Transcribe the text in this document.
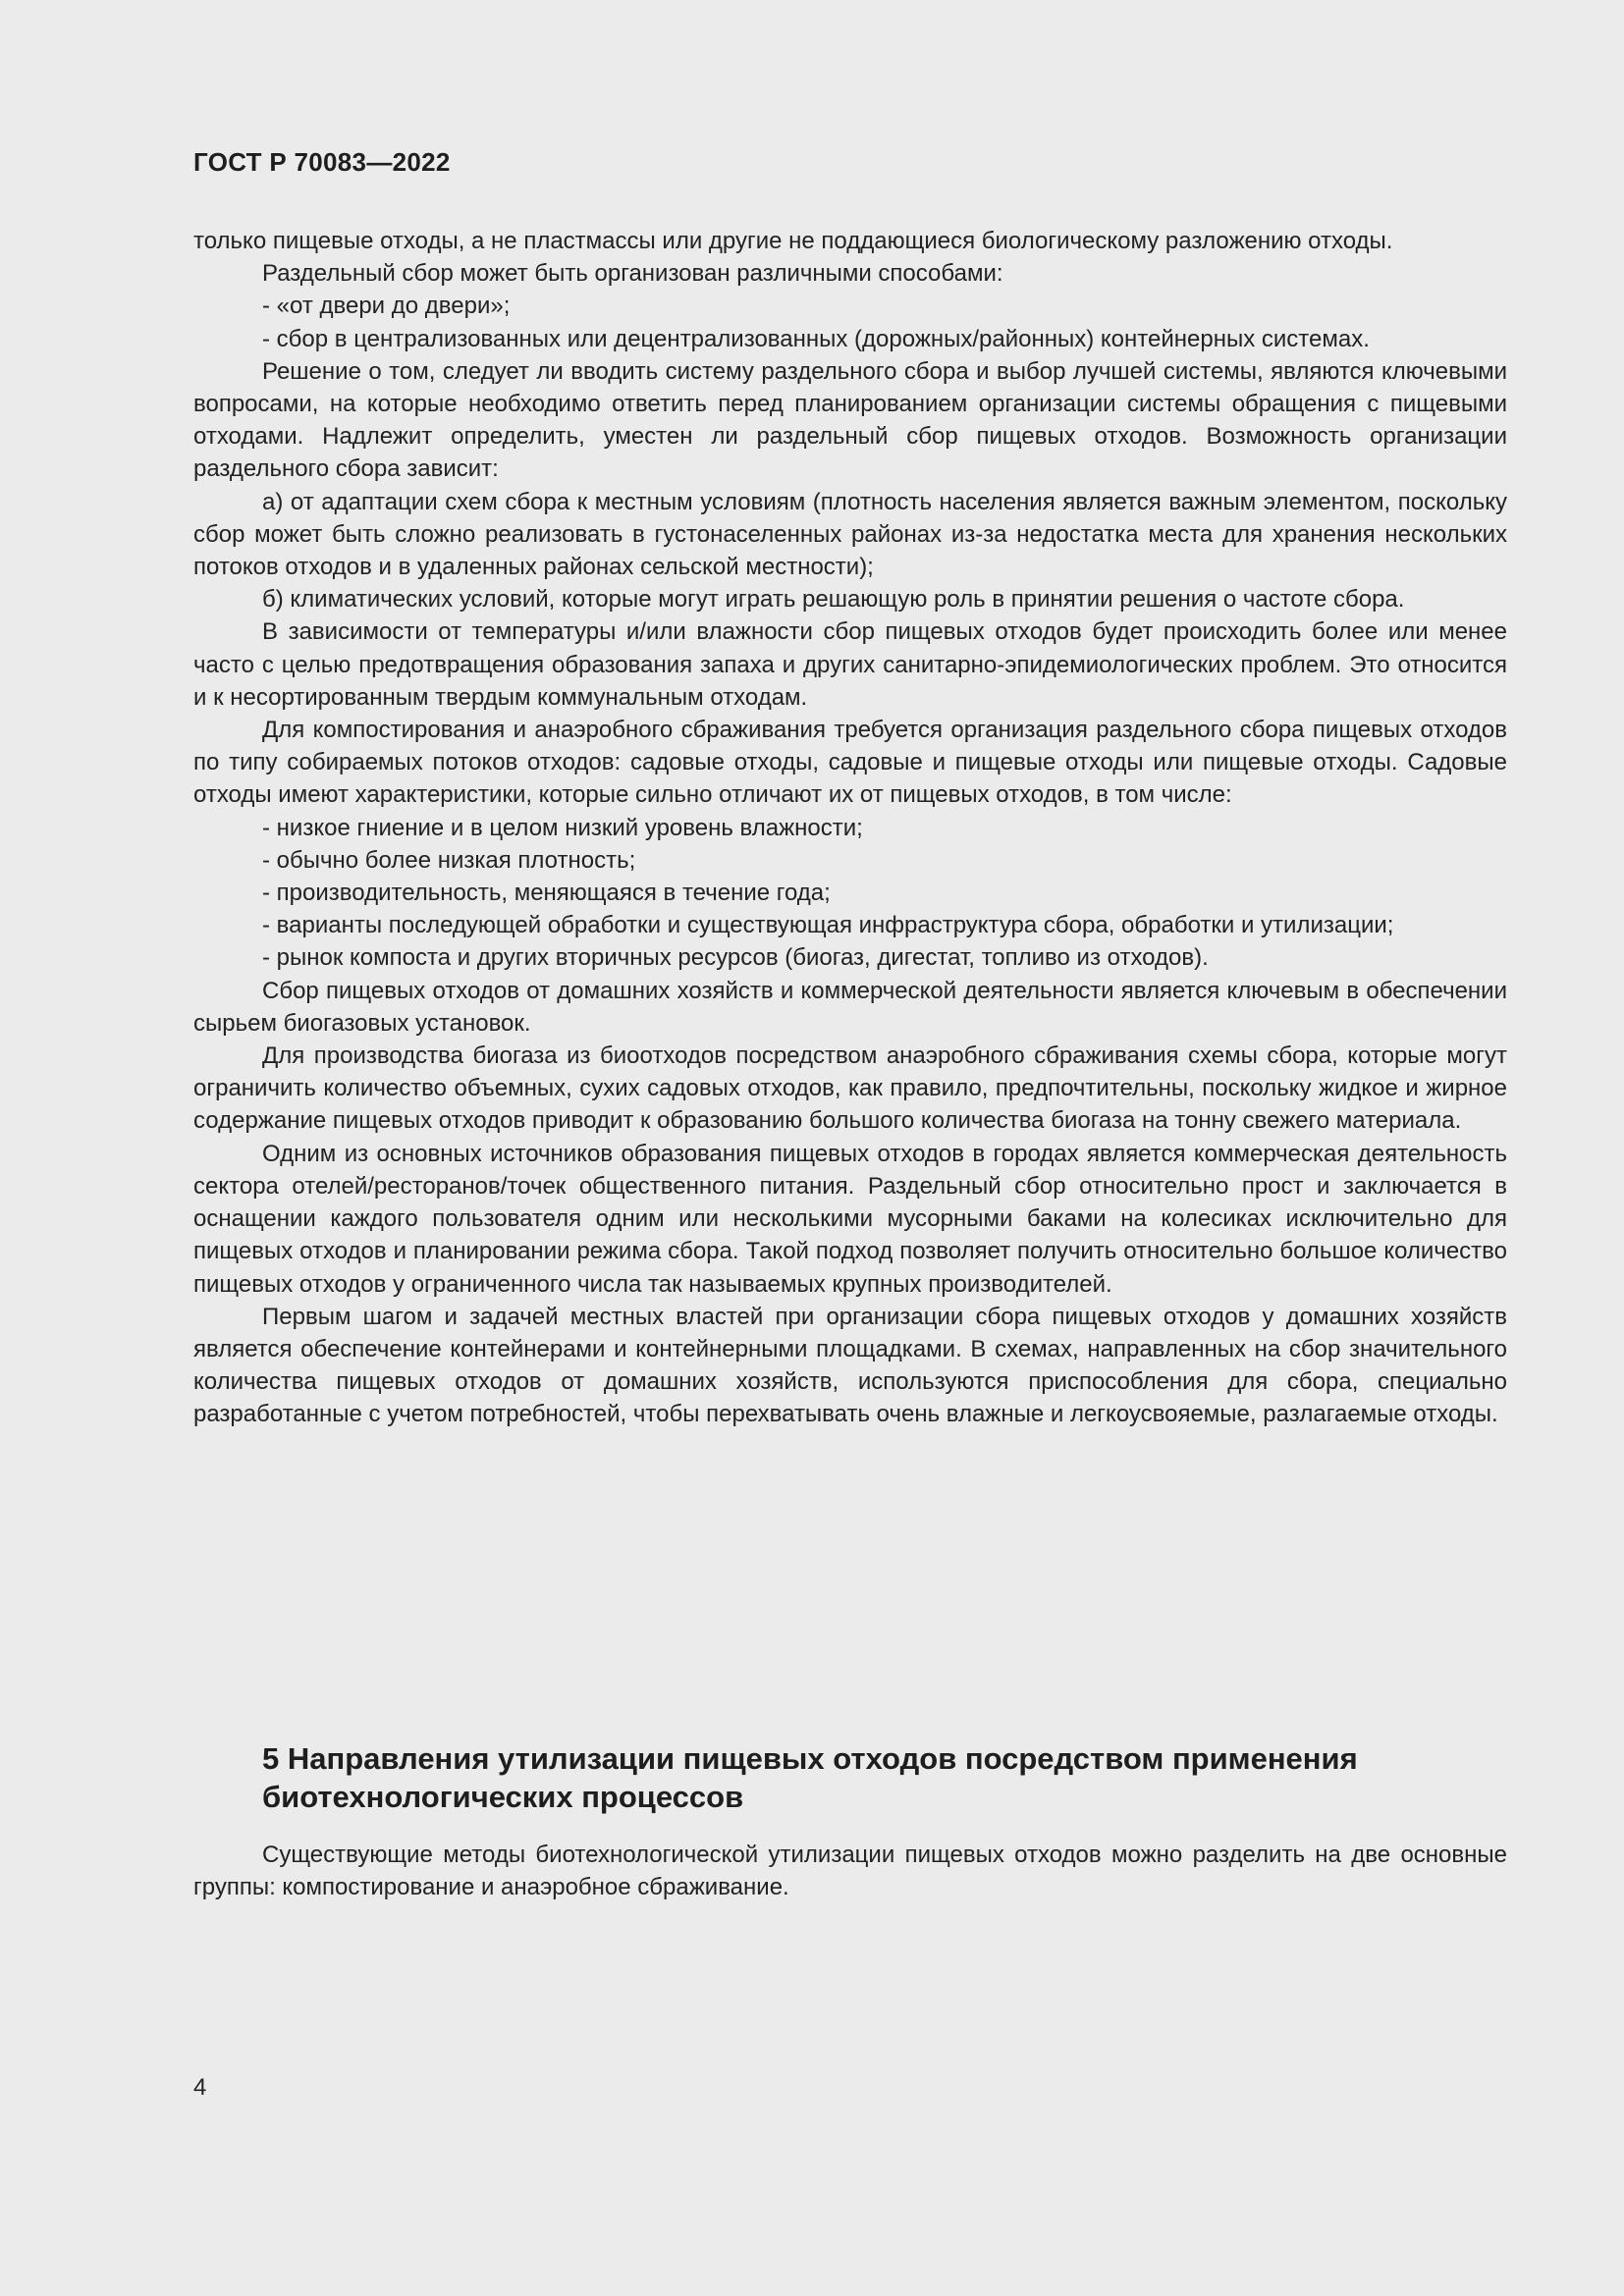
ГОСТ Р 70083—2022

только пищевые отходы, а не пластмассы или другие не поддающиеся биологическому разложению отходы.

Раздельный сбор может быть организован различными способами:

- «от двери до двери»;

- сбор в централизованных или децентрализованных (дорожных/районных) контейнерных системах.

Решение о том, следует ли вводить систему раздельного сбора и выбор лучшей системы, являются ключевыми вопросами, на которые необходимо ответить перед планированием организации системы обращения с пищевыми отходами. Надлежит определить, уместен ли раздельный сбор пищевых отходов. Возможность организации раздельного сбора зависит:

а) от адаптации схем сбора к местным условиям (плотность населения является важным элементом, поскольку сбор может быть сложно реализовать в густонаселенных районах из-за недостатка места для хранения нескольких потоков отходов и в удаленных районах сельской местности);

б) климатических условий, которые могут играть решающую роль в принятии решения о частоте сбора.

В зависимости от температуры и/или влажности сбор пищевых отходов будет происходить более или менее часто с целью предотвращения образования запаха и других санитарно-эпидемиологических проблем. Это относится и к несортированным твердым коммунальным отходам.

Для компостирования и анаэробного сбраживания требуется организация раздельного сбора пищевых отходов по типу собираемых потоков отходов: садовые отходы, садовые и пищевые отходы или пищевые отходы. Садовые отходы имеют характеристики, которые сильно отличают их от пищевых отходов, в том числе:

- низкое гниение и в целом низкий уровень влажности;

- обычно более низкая плотность;

- производительность, меняющаяся в течение года;

- варианты последующей обработки и существующая инфраструктура сбора, обработки и утилизации;

- рынок компоста и других вторичных ресурсов (биогаз, дигестат, топливо из отходов).

Сбор пищевых отходов от домашних хозяйств и коммерческой деятельности является ключевым в обеспечении сырьем биогазовых установок.

Для производства биогаза из биоотходов посредством анаэробного сбраживания схемы сбора, которые могут ограничить количество объемных, сухих садовых отходов, как правило, предпочтительны, поскольку жидкое и жирное содержание пищевых отходов приводит к образованию большого количества биогаза на тонну свежего материала.

Одним из основных источников образования пищевых отходов в городах является коммерческая деятельность сектора отелей/ресторанов/точек общественного питания. Раздельный сбор относительно прост и заключается в оснащении каждого пользователя одним или несколькими мусорными баками на колесиках исключительно для пищевых отходов и планировании режима сбора. Такой подход позволяет получить относительно большое количество пищевых отходов у ограниченного числа так называемых крупных производителей.

Первым шагом и задачей местных властей при организации сбора пищевых отходов у домашних хозяйств является обеспечение контейнерами и контейнерными площадками. В схемах, направленных на сбор значительного количества пищевых отходов от домашних хозяйств, используются приспособления для сбора, специально разработанные с учетом потребностей, чтобы перехватывать очень влажные и легкоусвояемые, разлагаемые отходы.

5 Направления утилизации пищевых отходов посредством применения биотехнологических процессов

Существующие методы биотехнологической утилизации пищевых отходов можно разделить на две основные группы: компостирование и анаэробное сбраживание.

4
